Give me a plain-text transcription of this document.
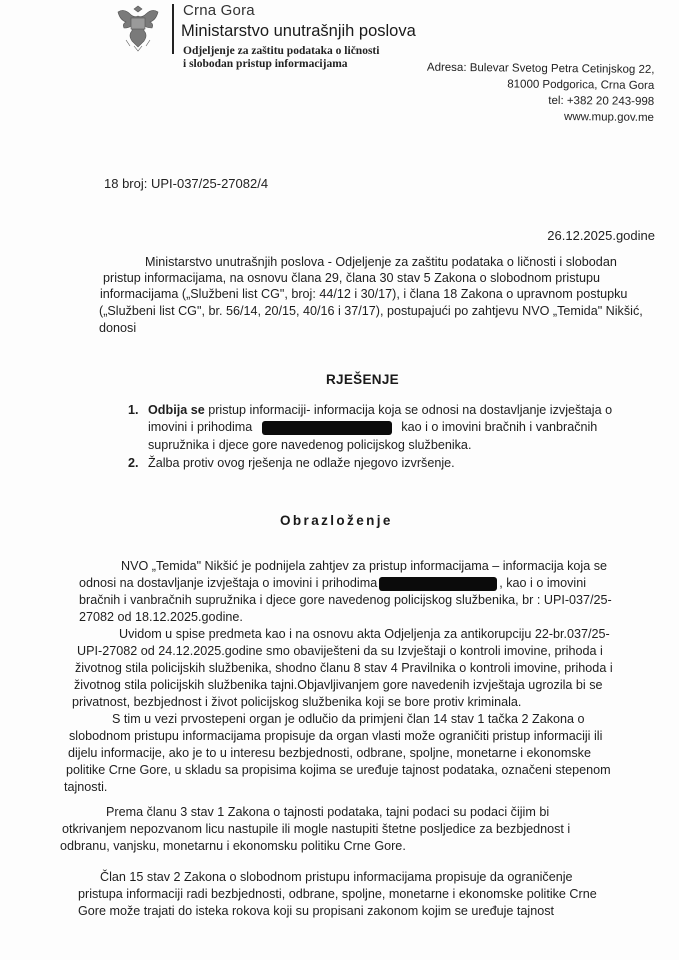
Crna Gora
Ministarstvo unutrašnjih poslova
Odjeljenje za zaštitu podataka o ličnosti
i slobodan pristup informacijama	Adresa: Bulevar Svetog Petra Cetinjskog 22,
81000 Podgorica, Crna Gora
tel: +382 20 243-998
www.mup.gov.me
18 broj: UPI-037/25-27082/4
26.12.2025.godine
Ministarstvo unutrašnjih poslova - Odjeljenje za zaštitu podataka o ličnosti i slobodan
pristup informacijama, na osnovu člana 29, člana 30 stav 5 Zakona o slobodnom pristupu
informacijama („Službeni list CG", broj: 44/12 i 30/17), i člana 18 Zakona o upravnom postupku
(„Službeni list CG", br. 56/14, 20/15, 40/16 i 37/17), postupajući po zahtjevu NVO „Temida" Nikšić,
donosi
RJEŠENJE
1. Odbija se pristup informaciji- informacija koja se odnosi na dostavljanje izvještaja o
imovini i prihodima	kao i o imovini bračnih i vanbračnih
supružnika i djece gore navedenog policijskog službenika.
2. Žalba protiv ovog rješenja ne odlaže njegovo izvršenje.
Obrazloženje
NVO „Temida" Nikšić je podnijela zahtjev za pristup informacijama – informacija koja se
odnosi na dostavljanje izvještaja o imovini i prihodima	, kao i o imovini
bračnih i vanbračnih supružnika i djece gore navedenog policijskog službenika, br : UPI-037/25-
27082 od 18.12.2025.godine.
Uvidom u spise predmeta kao i na osnovu akta Odjeljenja za antikorupciju 22-br.037/25-
UPI-27082 od 24.12.2025.godine smo obaviješteni da su Izvještaji o kontroli imovine, prihoda i
životnog stila policijskih službenika, shodno članu 8 stav 4 Pravilnika o kontroli imovine, prihoda i
životnog stila policijskih službenika tajni.Objavljivanjem gore navedenih izvještaja ugrozila bi se
privatnost, bezbjednost i život policijskog službenika koji se bore protiv kriminala.
S tim u vezi prvostepeni organ je odlučio da primjeni član 14 stav 1 tačka 2 Zakona o
slobodnom pristupu informacijama propisuje da organ vlasti može ograničiti pristup informaciji ili
dijelu informacije, ako je to u interesu bezbjednosti, odbrane, spoljne, monetarne i ekonomske
politike Crne Gore, u skladu sa propisima kojima se uređuje tajnost podataka, označeni stepenom
tajnosti.
Prema članu 3 stav 1 Zakona o tajnosti podataka, tajni podaci su podaci čijim bi
otkrivanjem nepozvanom licu nastupile ili mogle nastupiti štetne posljedice za bezbjednost i
odbranu, vanjsku, monetarnu i ekonomsku politiku Crne Gore.
Član 15 stav 2 Zakona o slobodnom pristupu informacijama propisuje da ograničenje
pristupa informaciji radi bezbjednosti, odbrane, spoljne, monetarne i ekonomske politike Crne
Gore može trajati do isteka rokova koji su propisani zakonom kojim se uređuje tajnost
